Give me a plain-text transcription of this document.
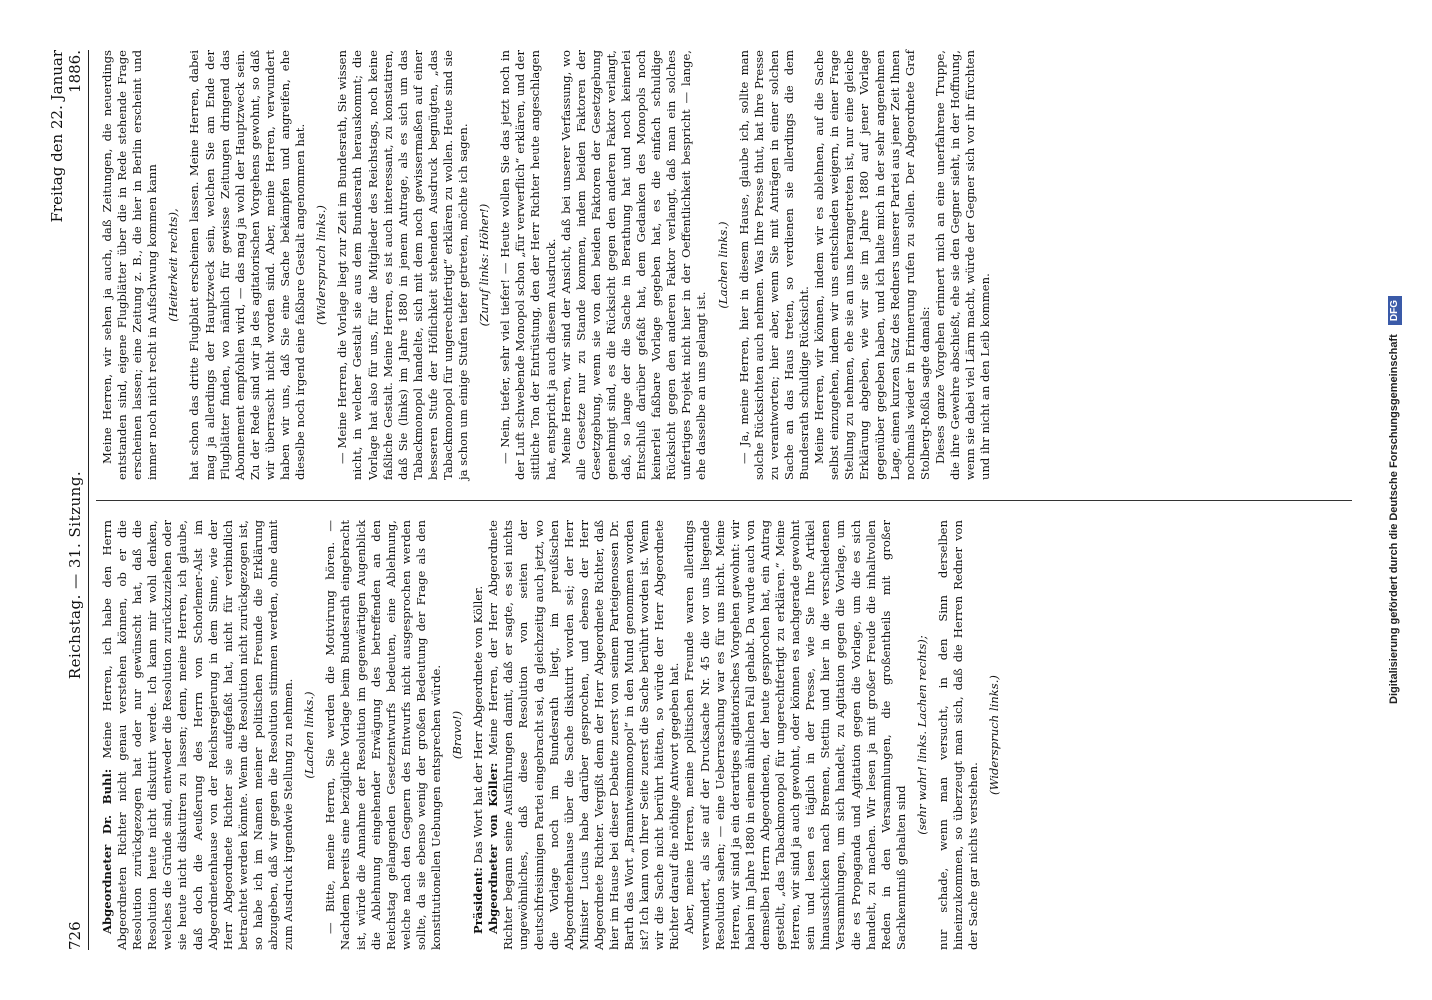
726
Reichstag. — 31. Sitzung.
Freitag den 22. Januar 1886.

Abgeordneter Dr. Buhl: Meine Herren, ich habe den Herrn Abgeordneten Richter nicht genau verstehen können, ob er die Resolution zurückgezogen hat oder nur gewünscht hat, daß die Resolution heute nicht diskutirt werde. Ich kann mir wohl denken, welches die Gründe sind, entweder die Resolution zurückzuziehen oder sie heute nicht diskutiren zu lassen; denn, meine Herren, ich glaube, daß doch die Aeußerung des Herrn von Schorlemer-Alst im Abgeordnetenhause von der Reichsregierung in dem Sinne, wie der Herr Abgeordnete Richter sie aufgefaßt hat, nicht für verbindlich betrachtet werden könnte. Wenn die Resolution nicht zurückgezogen ist, so habe ich im Namen meiner politischen Freunde die Erklärung abzugeben, daß wir gegen die Resolution stimmen werden, ohne damit zum Ausdruck irgendwie Stellung zu nehmen. (Lachen links.) — Bitte, meine Herren, Sie werden die Motivirung hören. — Nachdem bereits eine bezügliche Vorlage beim Bundesrath eingebracht ist, würde die Annahme der Resolution im gegenwärtigen Augenblick die Ablehnung eingehender Erwägung des betreffenden an den Reichstag gelangenden Gesetzentwurfs bedeuten, eine Ablehnung, welche nach den Gegnern des Entwurfs nicht ausgesprochen werden sollte, da sie ebenso wenig der großen Bedeutung der Frage als den konstitutionellen Uebungen entsprechen würde. (Bravo!)

Präsident: Das Wort hat der Herr Abgeordnete von Köller. Abgeordneter von Köller: Meine Herren, der Herr Abgeordnete Richter begann seine Ausführungen damit, daß er sagte, es sei nichts ungewöhnliches, daß diese Resolution von seiten der deutschfreisinnigen Partei eingebracht sei, da gleichzeitig auch jetzt, wo die Vorlage noch im Bundesrath liegt, im preußischen Abgeordnetenhause über die Sache diskutirt worden sei; der Herr Minister Lucius habe darüber gesprochen, und ebenso der Herr Abgeordnete Richter. Vergißt denn der Herr Abgeordnete Richter, daß hier im Hause bei dieser Debatte zuerst von seinem Parteigenossen Dr. Barth das Wort „Branntweinmonopol“ in den Mund genommen worden ist? Ich kann von Ihrer Seite zuerst die Sache berührt worden ist. Wenn wir die Sache nicht berührt hätten, so würde der Herr Abgeordnete Richter darauf die nöthige Antwort gegeben hat. Aber, meine Herren, meine politischen Freunde waren allerdings verwundert, als sie auf der Drucksache Nr. 45 die vor uns liegende Resolution sahen; — eine Ueberraschung war es für uns nicht. Meine Herren, wir sind ja ein derartiges agitatorisches Vorgehen gewohnt: wir haben im Jahre 1880 in einem ähnlichen Fall gehabt. Da wurde auch von demselben Herrn Abgeordneten, der heute gesprochen hat, ein Antrag gestellt, „das Tabackmonopol für ungerechtfertigt zu erklären.“ Meine Herren, wir sind ja auch gewohnt, oder können es nachgerade gewohnt sein und lesen es täglich in der Presse, wie Sie Ihre Artikel hinausschicken nach Bremen, Stettin und hier in die verschiedenen Versammlungen, um sich handelt, zu Agitation gegen die Vorlage, um die es Propaganda und Agitation gegen die Vorlage, um die es sich handelt, zu machen. Wir lesen ja mit großer Freude die inhaltvollen Reden in den Versammlungen, die großentheils mit großer Sachkenntniß gehalten sind

(sehr wahr! links. Lachen rechts); nur schade, wenn man versucht, in den Sinn derselben hineinzukommen, so überzeugt man sich, daß die Herren Redner von der Sache gar nichts verstehen.

(Widerspruch links.)

Meine Herren, wir sehen ja auch, daß Zeitungen, die neuerdings entstanden sind, eigene Flugblätter über die in Rede stehende Frage erscheinen lassen; eine Zeitung z. B., die hier in Berlin erscheint und immer noch nicht recht in Aufschwung kommen kann (Heiterkeit rechts), hat schon das dritte Flugblatt erscheinen lassen. Meine Herren, dabei mag ja allerdings der Hauptzweck sein, welchen Sie am Ende der Flugblätter finden, wo nämlich für gewisse Zeitungen dringend das Abonnement empfohlen wird, — das mag ja wohl der Hauptzweck sein. Zu der Rede sind wir ja des agitatorischen Vorgehens gewohnt, so daß wir überrascht nicht worden sind. Aber, meine Herren, verwundert haben wir uns, daß Sie eine Sache bekämpfen und angreifen, ehe dieselbe noch irgend eine faßbare Gestalt angenommen hat. (Widerspruch links.) — Meine Herren, die Vorlage liegt zur Zeit im Bundesrath, Sie wissen nicht, in welcher Gestalt sie aus dem Bundesrath herauskommt; die Vorlage hat also für uns, für die Mitglieder des Reichstags, noch keine faßliche Gestalt. Meine Herren, es ist auch interessant, zu konstatiren, daß Sie (links) im Jahre 1880 in jenem Antrage, als es sich um das Tabackmonopol handelte, sich mit dem noch gewissermaßen auf einer besseren Stufe der Höflichkeit stehenden Ausdruck begnügten, „das Tabackmonopol für ungerechtfertigt“ erklären zu wollen. Heute sind sie ja schon um einige Stufen tiefer getreten, möchte ich sagen. (Zuruf links: Höher!) — Nein, tiefer, sehr viel tiefer! — Heute wollen Sie das jetzt noch in der Luft schwebende Monopol schon „für verwerflich“ erklären, und der sittliche Ton der Entrüstung, den der Herr Richter heute angeschlagen hat, entspricht ja auch diesem Ausdruck. Meine Herren, wir sind der Ansicht, daß bei unserer Verfassung, wo alle Gesetze nur zu Stande kommen, indem beiden Faktoren der Gesetzgebung, wenn sie von den beiden Faktoren der Gesetzgebung genehmigt sind, es die Rücksicht gegen den anderen Faktor verlangt, daß, so lange der die Sache in Berathung hat und noch keinerlei Entschluß darüber gefaßt hat, dem Gedanken des Monopols noch keinerlei faßbare Vorlage gegeben hat, es die einfach schuldige Rücksicht gegen den anderen Faktor verlangt, daß man ein solches unfertiges Projekt nicht hier in der Oeffentlichkeit bespricht — lange, ehe dasselbe an uns gelangt ist.

(Lachen links.) — Ja, meine Herren, hier in diesem Hause, glaube ich, sollte man solche Rücksichten auch nehmen. Was Ihre Presse thut, hat Ihre Presse zu verantworten; hier aber, wenn Sie mit Anträgen in einer solchen Sache an das Haus treten, so verdienen sie allerdings die dem Bundesrath schuldige Rücksicht. Meine Herren, wir können, indem wir es ablehnen, auf die Sache selbst einzugehen, indem wir uns entschieden weigern, in einer Frage Stellung zu nehmen, ehe sie an uns herangetreten ist, nur eine gleiche Erklärung abgeben, wie wir sie im Jahre 1880 auf jener Vorlage gegenüber gegeben haben, und ich halte mich in der sehr angenehmen Lage, einen kurzen Satz des Redners unserer Partei aus jener Zeit Ihnen nochmals wieder in Erinnerung rufen zu sollen. Der Abgeordnete Graf Stolberg-Roßla sagte damals: Dieses ganze Vorgehen erinnert mich an eine unerfahrene Truppe, die ihre Gewehre abschießt, ehe sie den Gegner sieht, in der Hoffnung, wenn sie dabei viel Lärm macht, würde der Gegner sich vor ihr fürchten und ihr nicht an den Leib kommen.	Digitalisierung gefördert durch die Deutsche Forschungsgemeinschaft DFG
